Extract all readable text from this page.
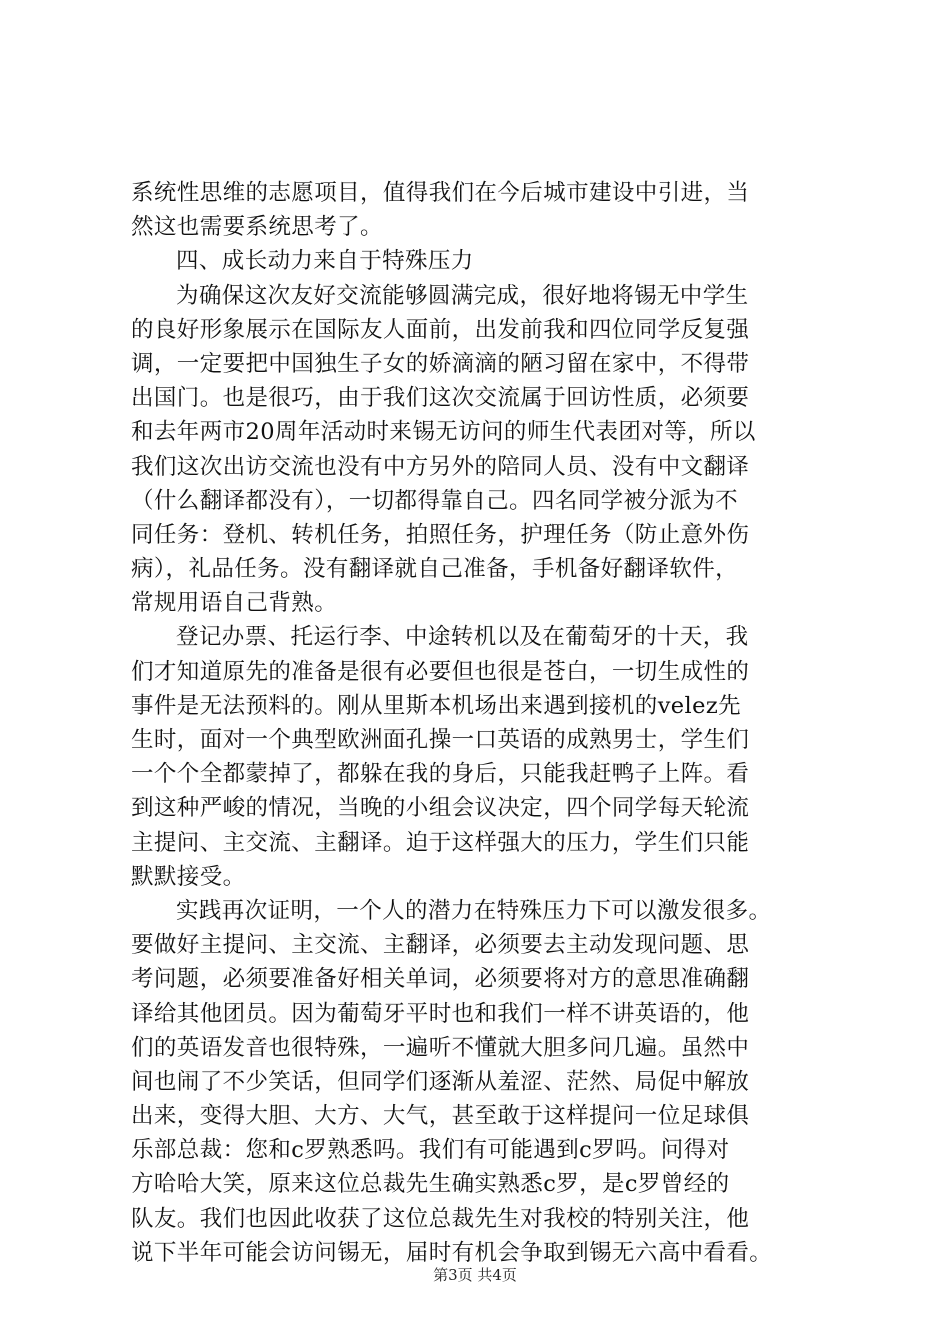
系统性思维的志愿项目，值得我们在今后城市建设中引进，当
然这也需要系统思考了。
四、成长动力来自于特殊压力
为确保这次友好交流能够圆满完成，很好地将锡无中学生
的良好形象展示在国际友人面前，出发前我和四位同学反复强
调，一定要把中国独生子女的娇滴滴的陋习留在家中，不得带
出国门。也是很巧，由于我们这次交流属于回访性质，必须要
和去年两市20周年活动时来锡无访问的师生代表团对等，所以
我们这次出访交流也没有中方另外的陪同人员、没有中文翻译
（什么翻译都没有），一切都得靠自己。四名同学被分派为不
同任务：登机、转机任务，拍照任务，护理任务（防止意外伤
病），礼品任务。没有翻译就自己准备，手机备好翻译软件，
常规用语自己背熟。
登记办票、托运行李、中途转机以及在葡萄牙的十天，我
们才知道原先的准备是很有必要但也很是苍白，一切生成性的
事件是无法预料的。刚从里斯本机场出来遇到接机的velez先
生时，面对一个典型欧洲面孔操一口英语的成熟男士，学生们
一个个全都蒙掉了，都躲在我的身后，只能我赶鸭子上阵。看
到这种严峻的情况，当晚的小组会议决定，四个同学每天轮流
主提问、主交流、主翻译。迫于这样强大的压力，学生们只能
默默接受。
实践再次证明，一个人的潜力在特殊压力下可以激发很多。
要做好主提问、主交流、主翻译，必须要去主动发现问题、思
考问题，必须要准备好相关单词，必须要将对方的意思准确翻
译给其他团员。因为葡萄牙平时也和我们一样不讲英语的，他
们的英语发音也很特殊，一遍听不懂就大胆多问几遍。虽然中
间也闹了不少笑话，但同学们逐渐从羞涩、茫然、局促中解放
出来，变得大胆、大方、大气，甚至敢于这样提问一位足球俱
乐部总裁：您和c罗熟悉吗。我们有可能遇到c罗吗。问得对
方哈哈大笑，原来这位总裁先生确实熟悉c罗，是c罗曾经的
队友。我们也因此收获了这位总裁先生对我校的特别关注，他
说下半年可能会访问锡无，届时有机会争取到锡无六高中看看。
第3页 共4页
